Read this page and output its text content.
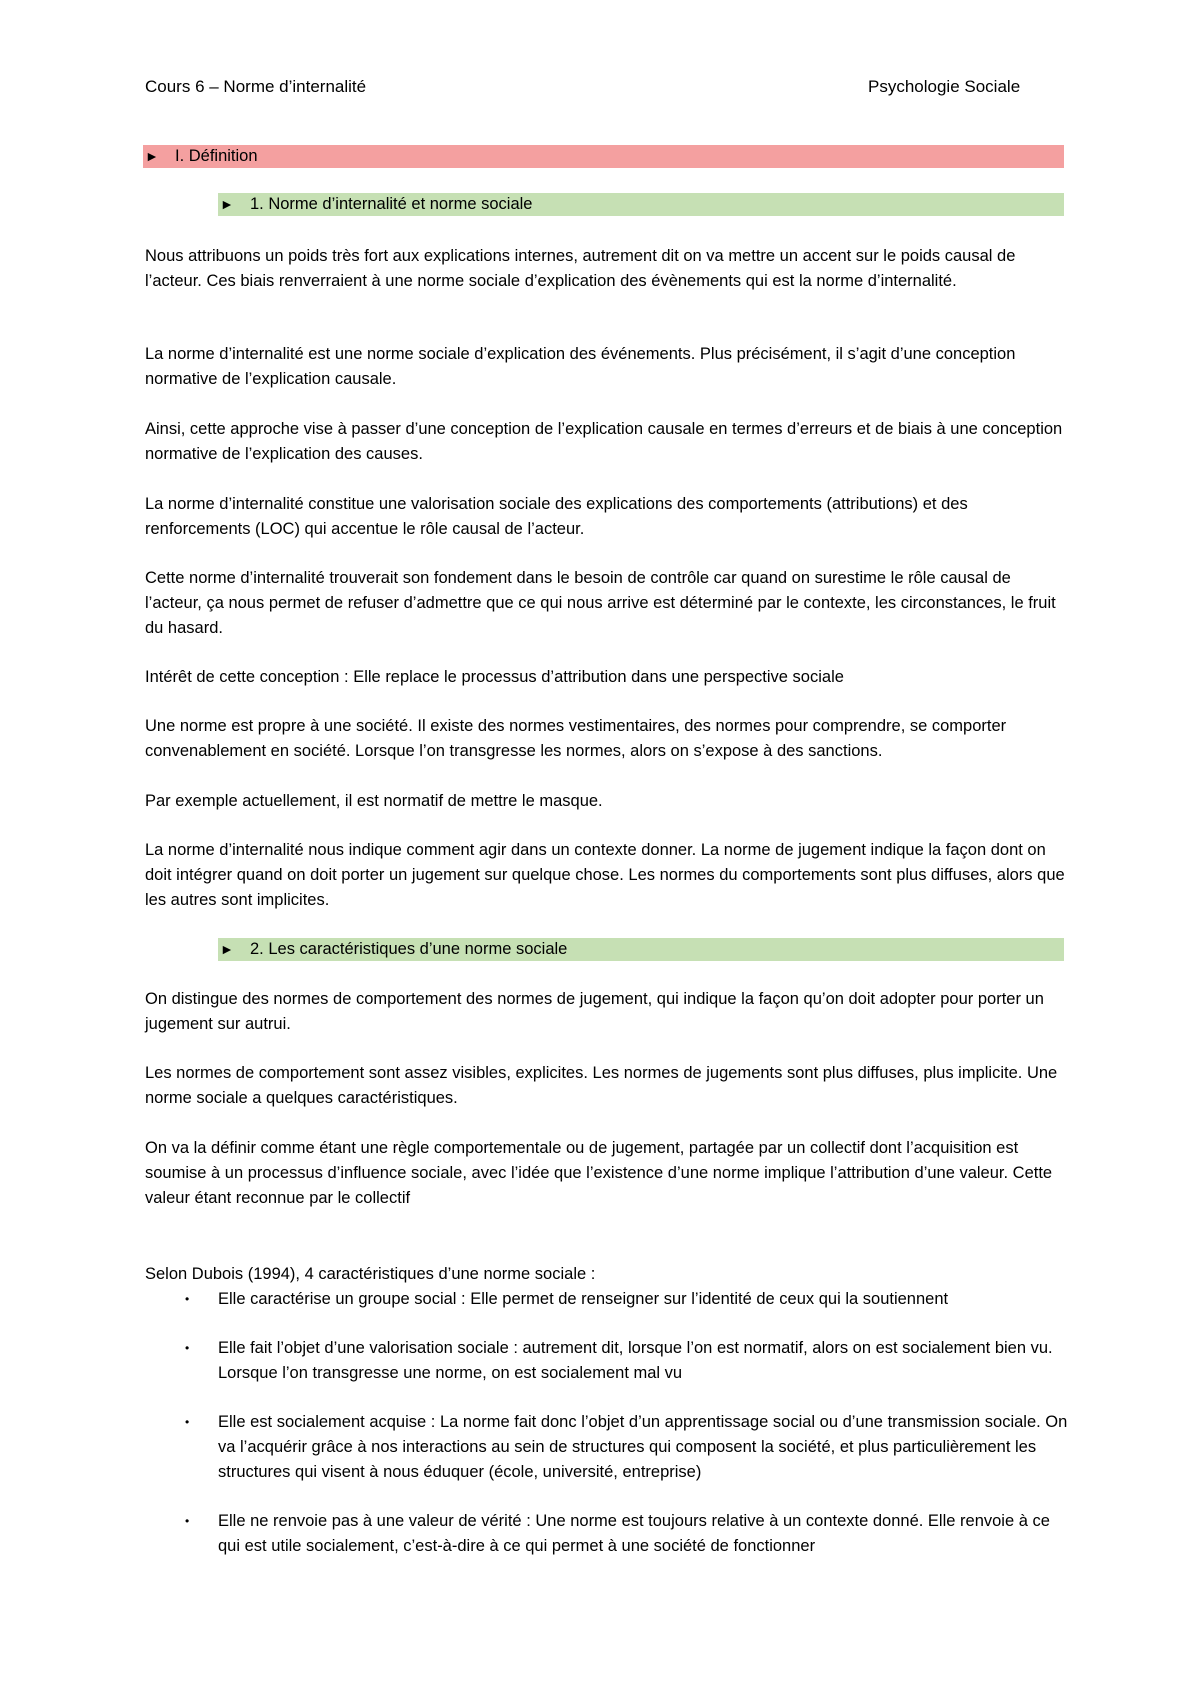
Cours 6 – Norme d’internalité	Psychologie Sociale
► I. Définition
► 1. Norme d’internalité et norme sociale

Nous attribuons un poids très fort aux explications internes, autrement dit on va mettre un accent sur le poids causal de l’acteur. Ces biais renverraient à une norme sociale d’explication des évènements qui est la norme d’internalité.

La norme d’internalité est une norme sociale d’explication des événements. Plus précisément, il s’agit d’une conception normative de l’explication causale.

Ainsi, cette approche vise à passer d’une conception de l’explication causale en termes d’erreurs et de biais à une conception normative de l’explication des causes.

La norme d’internalité constitue une valorisation sociale des explications des comportements (attributions) et des renforcements (LOC) qui accentue le rôle causal de l’acteur.

Cette norme d’internalité trouverait son fondement dans le besoin de contrôle car quand on surestime le rôle causal de l’acteur, ça nous permet de refuser d’admettre que ce qui nous arrive est déterminé par le contexte, les circonstances, le fruit du hasard.

Intérêt de cette conception : Elle replace le processus d’attribution dans une perspective sociale

Une norme est propre à une société. Il existe des normes vestimentaires, des normes pour comprendre, se comporter convenablement en société. Lorsque l’on transgresse les normes, alors on s’expose à des sanctions.

Par exemple actuellement, il est normatif de mettre le masque.

La norme d’internalité nous indique comment agir dans un contexte donner. La norme de jugement indique la façon dont on doit intégrer quand on doit porter un jugement sur quelque chose. Les normes du comportements sont plus diffuses, alors que les autres sont implicites.

► 2. Les caractéristiques d’une norme sociale

On distingue des normes de comportement des normes de jugement, qui indique la façon qu’on doit adopter pour porter un jugement sur autrui.

Les normes de comportement sont assez visibles, explicites. Les normes de jugements sont plus diffuses, plus implicite. Une norme sociale a quelques caractéristiques.

On va la définir comme étant une règle comportementale ou de jugement, partagée par un collectif dont l’acquisition est soumise à un processus d’influence sociale, avec l’idée que l’existence d’une norme implique l’attribution d’une valeur. Cette valeur étant reconnue par le collectif

Selon Dubois (1994), 4 caractéristiques d’une norme sociale :

• Elle caractérise un groupe social : Elle permet de renseigner sur l’identité de ceux qui la soutiennent
• Elle fait l’objet d’une valorisation sociale : autrement dit, lorsque l’on est normatif, alors on est socialement bien vu. Lorsque l’on transgresse une norme, on est socialement mal vu
• Elle est socialement acquise : La norme fait donc l’objet d’un apprentissage social ou d’une transmission sociale. On va l’acquérir grâce à nos interactions au sein de structures qui composent la société, et plus particulièrement les structures qui visent à nous éduquer (école, université, entreprise)
• Elle ne renvoie pas à une valeur de vérité : Une norme est toujours relative à un contexte donné. Elle renvoie à ce qui est utile socialement, c’est-à-dire à ce qui permet à une société de fonctionner
